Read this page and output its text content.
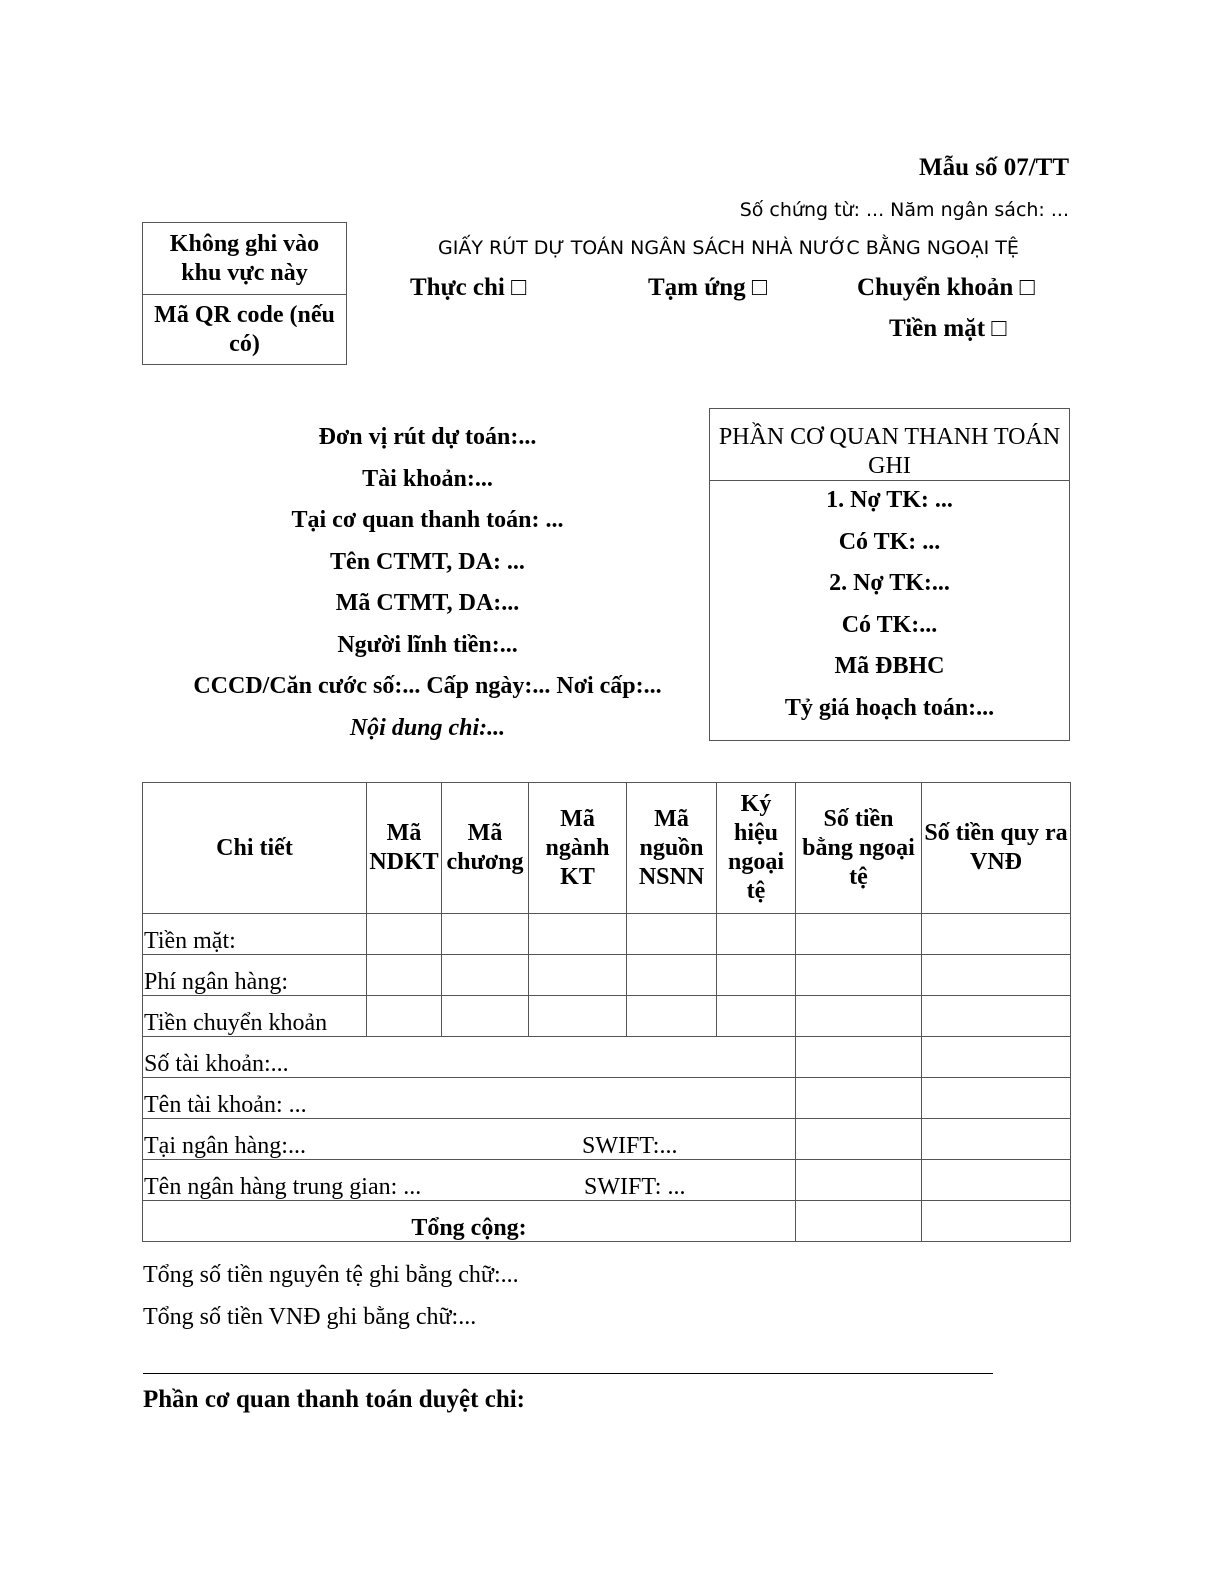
Mẫu số 07/TT
Số chứng từ: ... Năm ngân sách: ...
Không ghi vào khu vực này
Mã QR code (nếu có)
GIẤY RÚT DỰ TOÁN NGÂN SÁCH NHÀ NƯỚC BẰNG NGOẠI TỆ
Thực chi □	Tạm ứng □	Chuyển khoản □
Tiền mặt □
Đơn vị rút dự toán:...
Tài khoản:...
Tại cơ quan thanh toán: ...
Tên CTMT, DA: ...
Mã CTMT, DA:...
Người lĩnh tiền:...
CCCD/Căn cước số:... Cấp ngày:... Nơi cấp:...
Nội dung chi:...
PHẦN CƠ QUAN THANH TOÁN GHI
1. Nợ TK: ...
Có TK: ...
2. Nợ TK:...
Có TK:...
Mã ĐBHC
Tỷ giá hoạch toán:...
Chi tiết	Mã NDKT	Mã chương	Mã ngành KT	Mã nguồn NSNN	Ký hiệu ngoại tệ	Số tiền bằng ngoại tệ	Số tiền quy ra VNĐ
Tiền mặt:							
Phí ngân hàng:							
Tiền chuyển khoản							
Số tài khoản:...							
Tên tài khoản: ...							

Tại ngân hàng:... SWIFT:...							

Tên ngân hàng trung gian: ... SWIFT: ...							

Tổng cộng:							
Tổng số tiền nguyên tệ ghi bằng chữ:...
Tổng số tiền VNĐ ghi bằng chữ:...
Phần cơ quan thanh toán duyệt chi:
